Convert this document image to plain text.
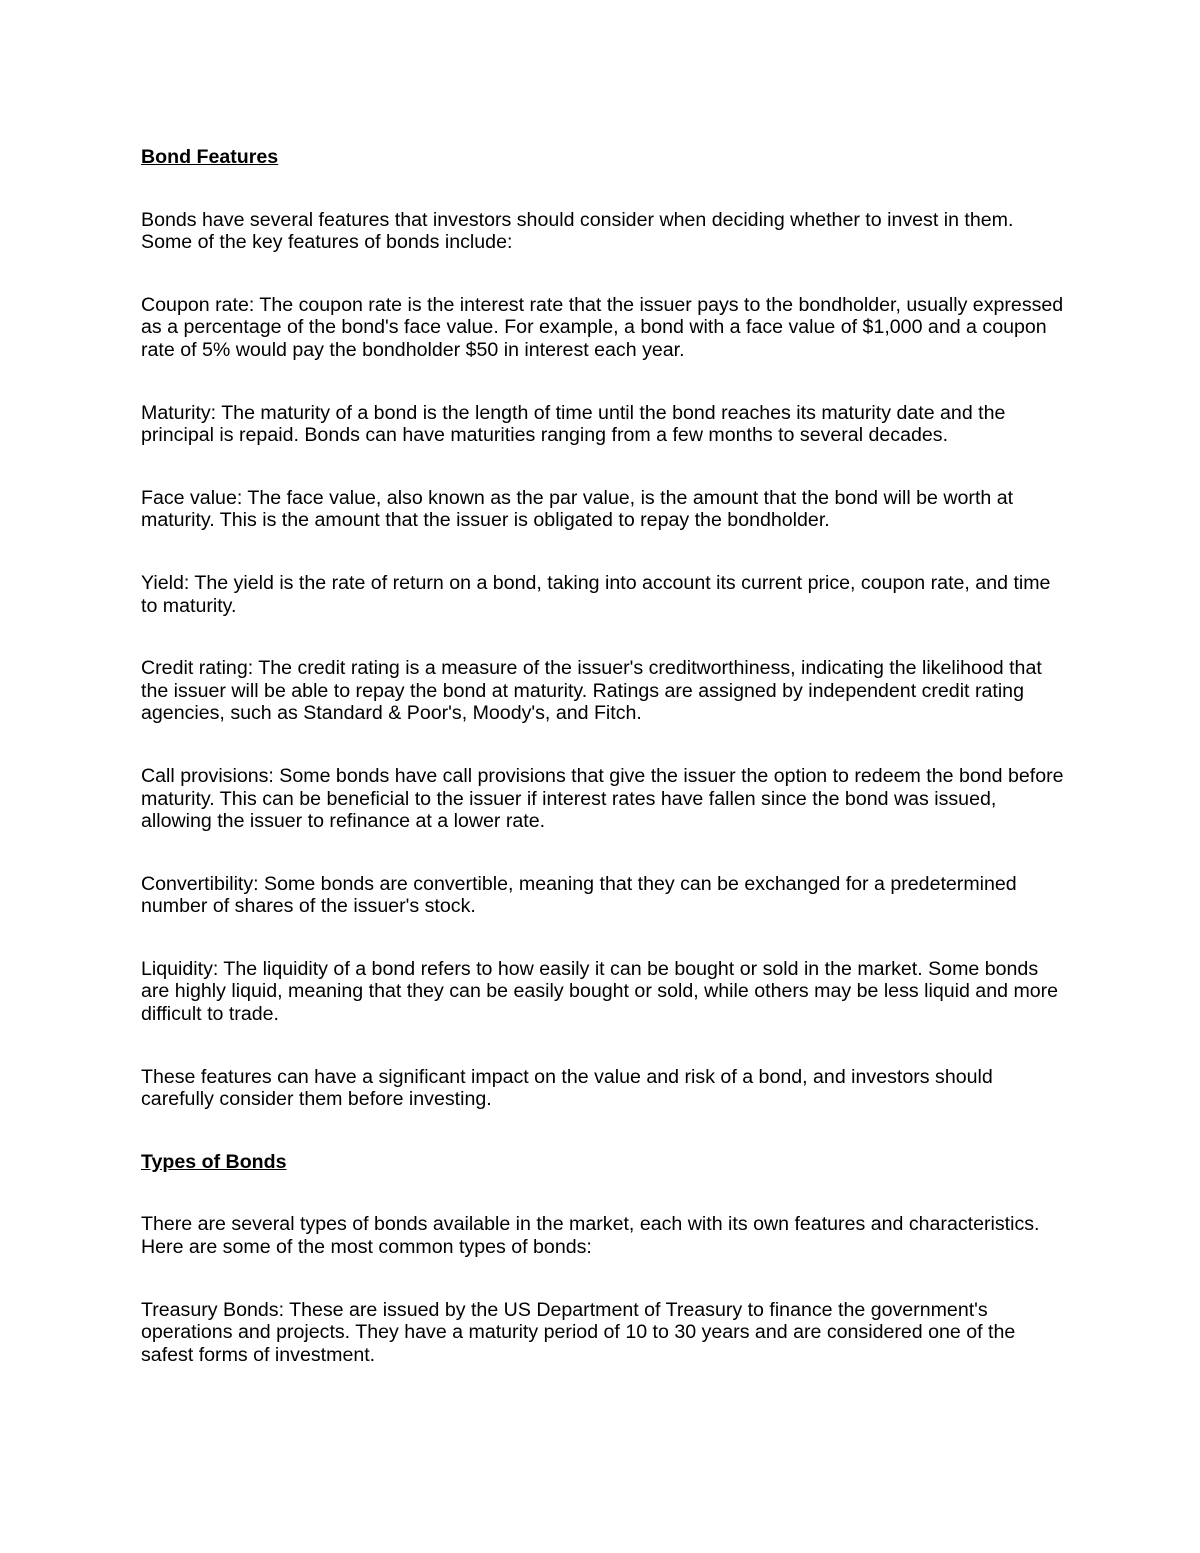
Bond Features

Bonds have several features that investors should consider when deciding whether to invest in them. Some of the key features of bonds include:

Coupon rate: The coupon rate is the interest rate that the issuer pays to the bondholder, usually expressed as a percentage of the bond's face value. For example, a bond with a face value of $1,000 and a coupon rate of 5% would pay the bondholder $50 in interest each year.

Maturity: The maturity of a bond is the length of time until the bond reaches its maturity date and the principal is repaid. Bonds can have maturities ranging from a few months to several decades.

Face value: The face value, also known as the par value, is the amount that the bond will be worth at maturity. This is the amount that the issuer is obligated to repay the bondholder.

Yield: The yield is the rate of return on a bond, taking into account its current price, coupon rate, and time to maturity.

Credit rating: The credit rating is a measure of the issuer's creditworthiness, indicating the likelihood that the issuer will be able to repay the bond at maturity. Ratings are assigned by independent credit rating agencies, such as Standard & Poor's, Moody's, and Fitch.

Call provisions: Some bonds have call provisions that give the issuer the option to redeem the bond before maturity. This can be beneficial to the issuer if interest rates have fallen since the bond was issued, allowing the issuer to refinance at a lower rate.

Convertibility: Some bonds are convertible, meaning that they can be exchanged for a predetermined number of shares of the issuer's stock.

Liquidity: The liquidity of a bond refers to how easily it can be bought or sold in the market. Some bonds are highly liquid, meaning that they can be easily bought or sold, while others may be less liquid and more difficult to trade.

These features can have a significant impact on the value and risk of a bond, and investors should carefully consider them before investing.

Types of Bonds

There are several types of bonds available in the market, each with its own features and characteristics. Here are some of the most common types of bonds:

Treasury Bonds: These are issued by the US Department of Treasury to finance the government's operations and projects. They have a maturity period of 10 to 30 years and are considered one of the safest forms of investment.
